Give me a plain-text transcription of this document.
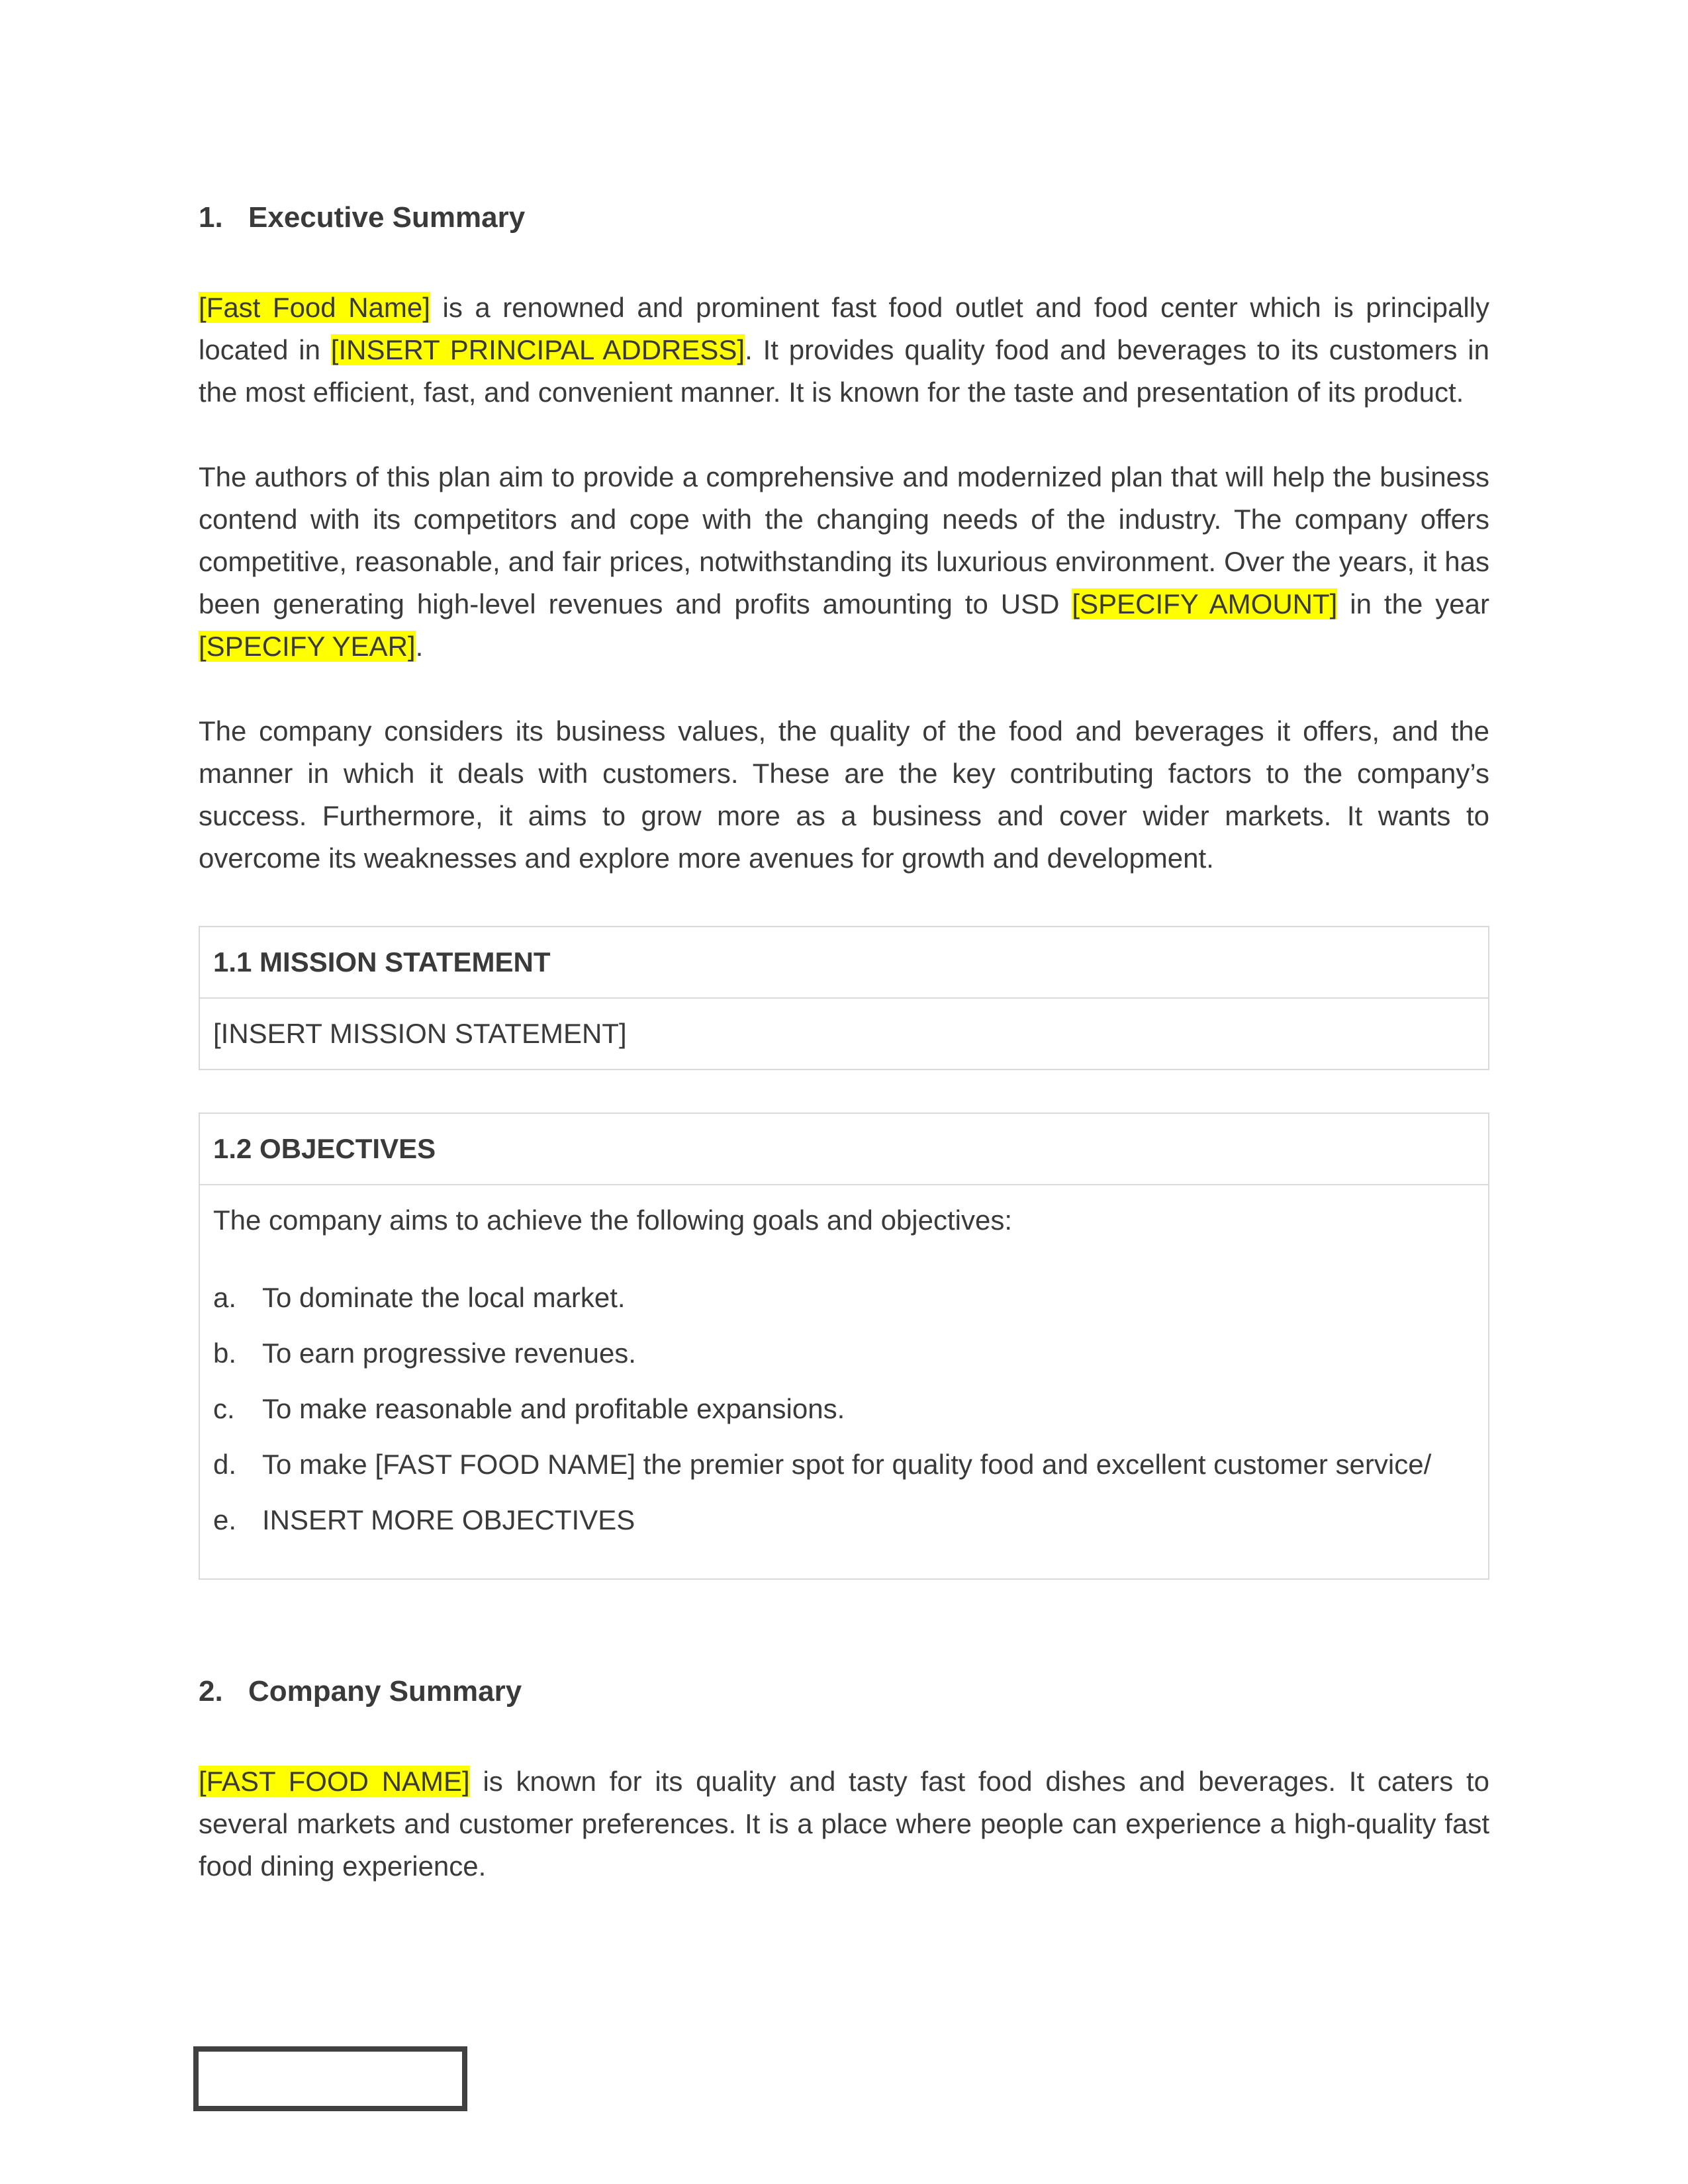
1. Executive Summary

[Fast Food Name] is a renowned and prominent fast food outlet and food center which is principally located in [INSERT PRINCIPAL ADDRESS]. It provides quality food and beverages to its customers in the most efficient, fast, and convenient manner. It is known for the taste and presentation of its product.

The authors of this plan aim to provide a comprehensive and modernized plan that will help the business contend with its competitors and cope with the changing needs of the industry. The company offers competitive, reasonable, and fair prices, notwithstanding its luxurious environment. Over the years, it has been generating high-level revenues and profits amounting to USD [SPECIFY AMOUNT] in the year [SPECIFY YEAR].

The company considers its business values, the quality of the food and beverages it offers, and the manner in which it deals with customers. These are the key contributing factors to the company’s success. Furthermore, it aims to grow more as a business and cover wider markets. It wants to overcome its weaknesses and explore more avenues for growth and development.

1.1 MISSION STATEMENT
[INSERT MISSION STATEMENT]
1.2 OBJECTIVES

The company aims to achieve the following goals and objectives:

a. To dominate the local market.
b. To earn progressive revenues.
c. To make reasonable and profitable expansions.
d. To make [FAST FOOD NAME] the premier spot for quality food and excellent customer service/
e. INSERT MORE OBJECTIVES
2. Company Summary

[FAST FOOD NAME] is known for its quality and tasty fast food dishes and beverages. It caters to several markets and customer preferences. It is a place where people can experience a high-quality fast food dining experience.
